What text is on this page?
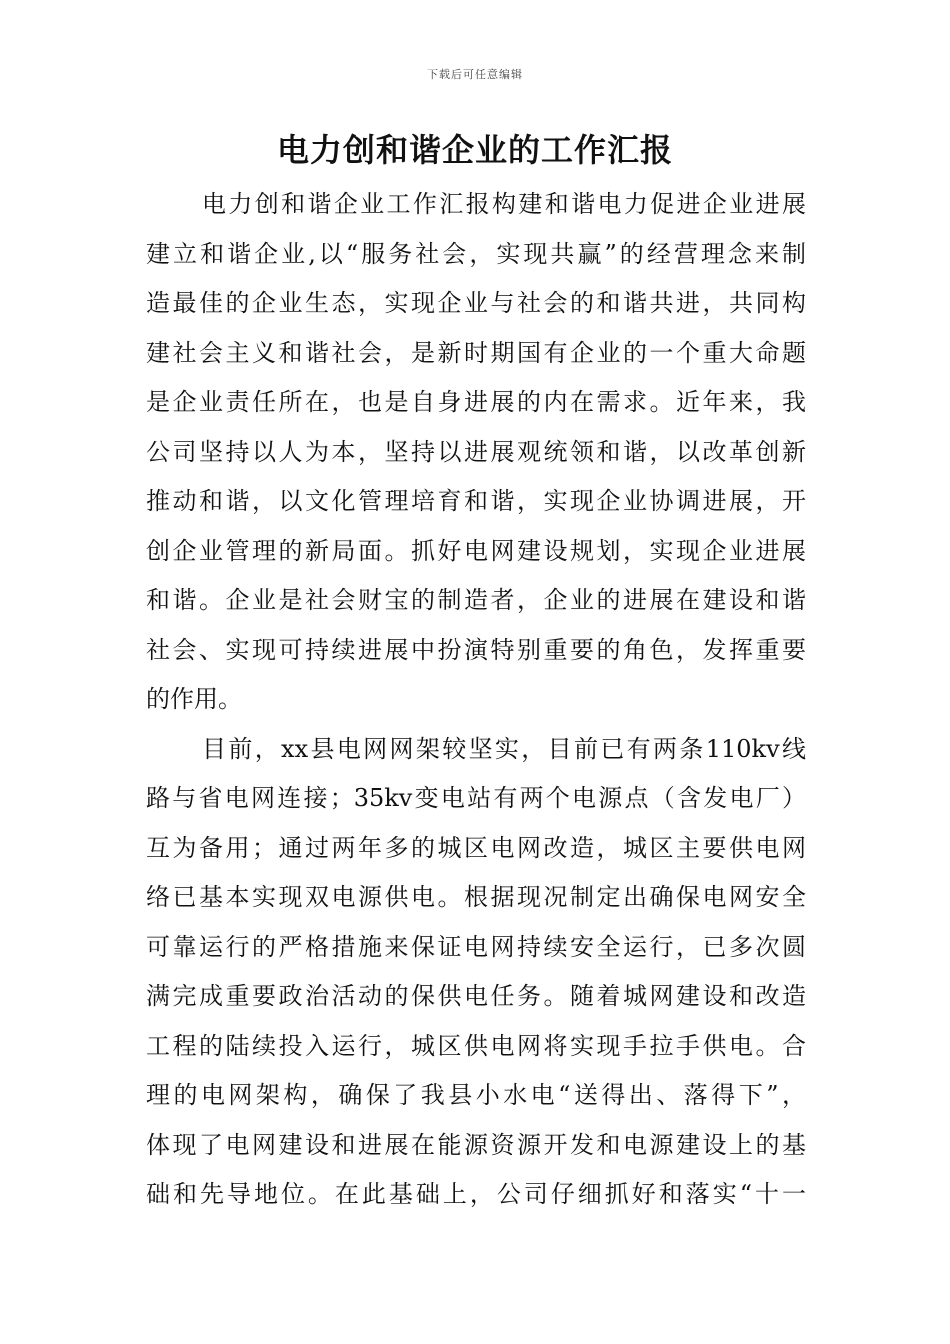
下载后可任意编辑
电力创和谐企业的工作汇报
电力创和谐企业工作汇报构建和谐电力促进企业进展
建立和谐企业,以“服务社会，实现共赢”的经营理念来制
造最佳的企业生态，实现企业与社会的和谐共进，共同构
建社会主义和谐社会，是新时期国有企业的一个重大命题
是企业责任所在，也是自身进展的内在需求。近年来，我
公司坚持以人为本，坚持以进展观统领和谐，以改革创新
推动和谐，以文化管理培育和谐，实现企业协调进展，开
创企业管理的新局面。抓好电网建设规划，实现企业进展
和谐。企业是社会财宝的制造者，企业的进展在建设和谐
社会、实现可持续进展中扮演特别重要的角色，发挥重要
的作用。
目前，xx县电网网架较坚实，目前已有两条110kv线
路与省电网连接；35kv变电站有两个电源点（含发电厂）
互为备用；通过两年多的城区电网改造，城区主要供电网
络已基本实现双电源供电。根据现况制定出确保电网安全
可靠运行的严格措施来保证电网持续安全运行，已多次圆
满完成重要政治活动的保供电任务。随着城网建设和改造
工程的陆续投入运行，城区供电网将实现手拉手供电。合
理的电网架构，确保了我县小水电“送得出、落得下”，
体现了电网建设和进展在能源资源开发和电源建设上的基
础和先导地位。在此基础上，公司仔细抓好和落实“十一
